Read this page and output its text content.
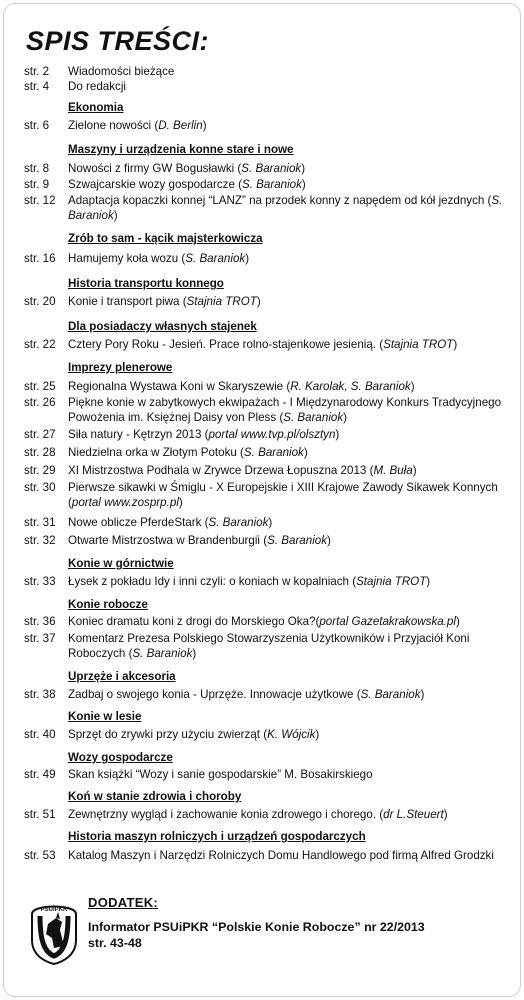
SPIS TREŚCI:
str. 2 Wiadomości bieżące
str. 4 Do redakcji
Ekonomia
str. 6 Zielone nowości (D. Berlin)
Maszyny i urządzenia konne stare i nowe
str. 8 Nowości z firmy GW Bogusławki (S. Baraniok)
str. 9 Szwajcarskie wozy gospodarcze (S. Baraniok)
str. 12 Adaptacja kopaczki konnej “LANZ” na przodek konny z napędem od kół jezdnych (S. Baraniok)
Zrób to sam - kącik majsterkowicza
str. 16 Hamujemy koła wozu (S. Baraniok)
Historia transportu konnego
str. 20 Konie i transport piwa (Stajnia TROT)
Dla posiadaczy własnych stajenek
str. 22 Cztery Pory Roku - Jesień. Prace rolno-stajenkowe jesienią. (Stajnia TROT)
Imprezy plenerowe
str. 25 Regionalna Wystawa Koni w Skaryszewie (R. Karolak, S. Baraniok)
str. 26 Piękne konie w zabytkowych ekwipażach - I Międzynarodowy Konkurs Tradycyjnego Powożenia im. Księżnej Daisy von Pless (S. Baraniok)
str. 27 Siła natury - Kętrzyn 2013 (portal www.tvp.pl/olsztyn)
str. 28 Niedzielna orka w Złotym Potoku (S. Baraniok)
str. 29 XI Mistrzostwa Podhala w Zrywce Drzewa Łopuszna 2013 (M. Buła)
str. 30 Pierwsze sikawki w Śmiglu - X Europejskie i XIII Krajowe Zawody Sikawek Konnych (portal www.zosprp.pl)
str. 31 Nowe oblicze PferdeStark (S. Baraniok)
str. 32 Otwarte Mistrzostwa w Brandenburgii (S. Baraniok)
Konie w górnictwie
str. 33 Łysek z pokładu Idy i inni czyli: o koniach w kopalniach (Stajnia TROT)
Konie robocze
str. 36 Koniec dramatu koni z drogi do Morskiego Oka?(portal Gazetakrakowska.pl)
str. 37 Komentarz Prezesa Polskiego Stowarzyszenia Użytkowników i Przyjaciół Koni Roboczych (S. Baraniok)
Uprzęże i akcesoria
str. 38 Zadbaj o swojego konia - Uprzęże. Innowacje użytkowe (S. Baraniok)
Konie w lesie
str. 40 Sprzęt do zrywki przy użyciu zwierząt (K. Wójcik)
Wozy gospodarcze
str. 49 Skan książki “Wozy i sanie gospodarskie” M. Bosakirskiego
Koń w stanie zdrowia i choroby
str. 51 Zewnętrzny wygląd i zachowanie konia zdrowego i chorego. (dr L.Steuert)
Historia maszyn rolniczych i urządzeń gospodarczych
str. 53 Katalog Maszyn i Narzędzi Rolniczych Domu Handlowego pod firmą Alfred Grodzki
PSUiPKR DODATEK:
Informator PSUiPKR “Polskie Konie Robocze” nr 22/2013
str. 43-48
